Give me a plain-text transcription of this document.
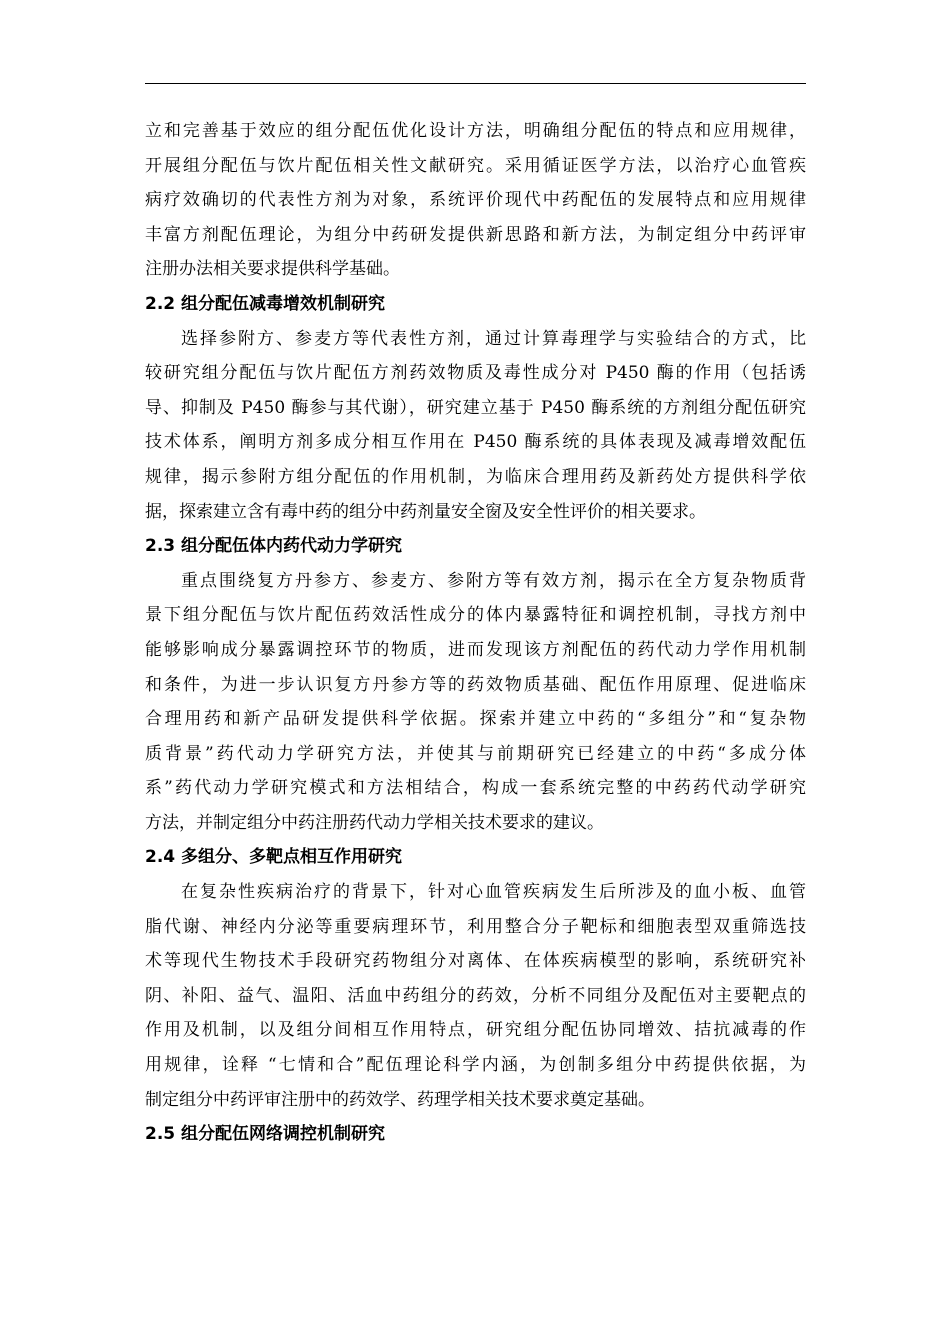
立和完善基于效应的组分配伍优化设计方法，明确组分配伍的特点和应用规律，
开展组分配伍与饮片配伍相关性文献研究。采用循证医学方法，以治疗心血管疾
病疗效确切的代表性方剂为对象，系统评价现代中药配伍的发展特点和应用规律
丰富方剂配伍理论，为组分中药研发提供新思路和新方法，为制定组分中药评审
注册办法相关要求提供科学基础。
2.2 组分配伍减毒增效机制研究
选择参附方、参麦方等代表性方剂，通过计算毒理学与实验结合的方式，比
较研究组分配伍与饮片配伍方剂药效物质及毒性成分对 P450 酶的作用（包括诱
导、抑制及 P450 酶参与其代谢），研究建立基于 P450 酶系统的方剂组分配伍研究
技术体系，阐明方剂多成分相互作用在 P450 酶系统的具体表现及减毒增效配伍
规律，揭示参附方组分配伍的作用机制，为临床合理用药及新药处方提供科学依
据，探索建立含有毒中药的组分中药剂量安全窗及安全性评价的相关要求。
2.3 组分配伍体内药代动力学研究
重点围绕复方丹参方、参麦方、参附方等有效方剂，揭示在全方复杂物质背
景下组分配伍与饮片配伍药效活性成分的体内暴露特征和调控机制，寻找方剂中
能够影响成分暴露调控环节的物质，进而发现该方剂配伍的药代动力学作用机制
和条件，为进一步认识复方丹参方等的药效物质基础、配伍作用原理、促进临床
合理用药和新产品研发提供科学依据。探索并建立中药的“多组分”和“复杂物
质背景”药代动力学研究方法，并使其与前期研究已经建立的中药“多成分体
系”药代动力学研究模式和方法相结合，构成一套系统完整的中药药代动学研究
方法，并制定组分中药注册药代动力学相关技术要求的建议。
2.4 多组分、多靶点相互作用研究
在复杂性疾病治疗的背景下，针对心血管疾病发生后所涉及的血小板、血管
脂代谢、神经内分泌等重要病理环节，利用整合分子靶标和细胞表型双重筛选技
术等现代生物技术手段研究药物组分对离体、在体疾病模型的影响，系统研究补
阴、补阳、益气、温阳、活血中药组分的药效，分析不同组分及配伍对主要靶点的
作用及机制，以及组分间相互作用特点，研究组分配伍协同增效、拮抗减毒的作
用规律，诠释 “七情和合”配伍理论科学内涵，为创制多组分中药提供依据，为
制定组分中药评审注册中的药效学、药理学相关技术要求奠定基础。
2.5 组分配伍网络调控机制研究
